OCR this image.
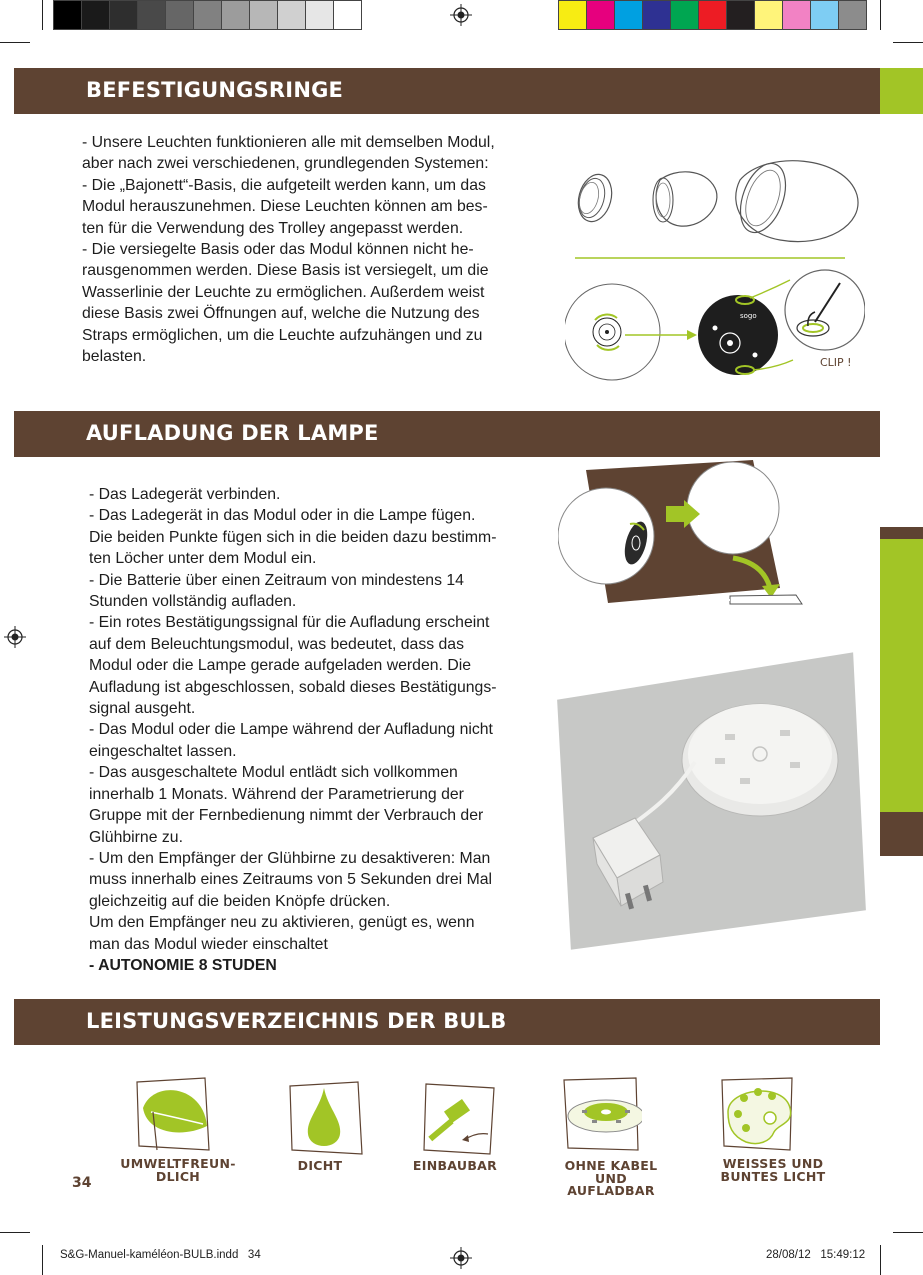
BEFESTIGUNGSRINGE

- Unsere Leuchten funktionieren alle mit demselben Modul,

aber nach zwei verschiedenen, grundlegenden Systemen:

- Die „Bajonett“-Basis, die aufgeteilt werden kann, um das

Modul herauszunehmen. Diese Leuchten können am bes-

ten für die Verwendung des Trolley angepasst werden.

- Die versiegelte Basis oder das Modul können nicht he-

rausgenommen werden. Diese Basis ist versiegelt, um die

Wasserlinie der Leuchte zu ermöglichen. Außerdem weist

diese Basis zwei Öffnungen auf, welche die Nutzung des

Straps ermöglichen, um die Leuchte aufzuhängen und zu

belasten.

sogo
CLIP !
AUFLADUNG DER LAMPE

- Das Ladegerät verbinden.

- Das Ladegerät in das Modul oder in die Lampe fügen.

Die beiden Punkte fügen sich in die beiden dazu bestimm-

ten Löcher unter dem Modul ein.

- Die Batterie über einen Zeitraum von mindestens 14

Stunden vollständig aufladen.

- Ein rotes Bestätigungssignal für die Aufladung erscheint

auf dem Beleuchtungsmodul, was bedeutet, dass das

Modul oder die Lampe gerade aufgeladen werden. Die

Aufladung ist abgeschlossen, sobald dieses Bestätigungs-

signal ausgeht.

- Das Modul oder die Lampe während der Aufladung nicht

eingeschaltet lassen.

- Das ausgeschaltete Modul entlädt sich vollkommen

innerhalb 1 Monats. Während der Parametrierung der

Gruppe mit der Fernbedienung nimmt der Verbrauch der

Glühbirne zu.

- Um den Empfänger der Glühbirne zu desaktiveren: Man

muss innerhalb eines Zeitraums von 5 Sekunden drei Mal

gleichzeitig auf die beiden Knöpfe drücken.

Um den Empfänger neu zu aktivieren, genügt es, wenn

man das Modul wieder einschaltet

- AUTONOMIE 8 STUDEN

LEISTUNGSVERZEICHNIS DER BULB
UMWELTFREUN-
DLICH
DICHT	EINBAUBAR	OHNE KABEL
UND
AUFLADBAR
WEISSES UND
BUNTES LICHT
34
S&G-Manuel-kaméléon-BULB.indd   34	28/08/12   15:49:12
